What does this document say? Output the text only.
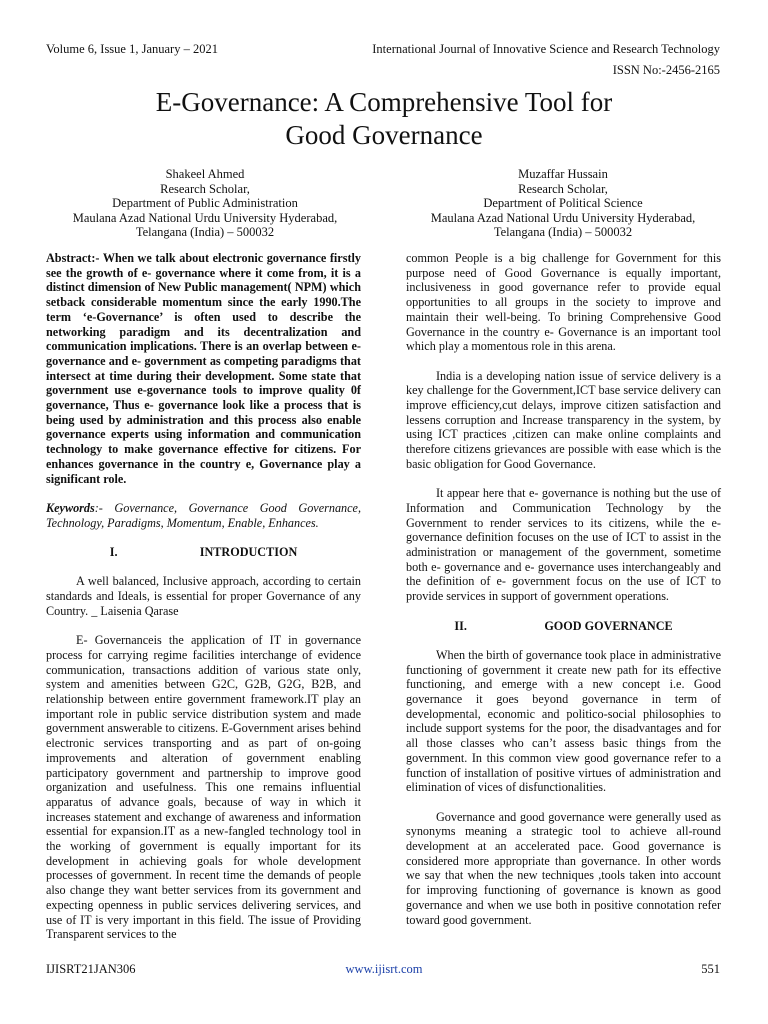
Volume 6, Issue 1, January – 2021	International Journal of Innovative Science and Research Technology
ISSN No:-2456-2165
E-Governance: A Comprehensive Tool for
Good Governance
Shakeel Ahmed
Research Scholar,
Department of Public Administration
Maulana Azad National Urdu University Hyderabad,
Telangana (India) – 500032
Muzaffar Hussain
Research Scholar,
Department of Political Science
Maulana Azad National Urdu University Hyderabad,
Telangana (India) – 500032

Abstract:- When we talk about electronic governance firstly see the growth of e- governance where it come from, it is a distinct dimension of New Public management( NPM) which setback considerable momentum since the early 1990.The term ‘e-Governance’ is often used to describe the networking paradigm and its decentralization and communication implications. There is an overlap between e- governance and e- government as competing paradigms that intersect at time during their development. Some state that government use e-governance tools to improve quality 0f governance, Thus e- governance look like a process that is being used by administration and this process also enable governance experts using information and communication technology to make governance effective for citizens. For enhances governance in the country e, Governance play a significant role.

Keywords:- Governance, Governance Good Governance, Technology, Paradigms, Momentum, Enable, Enhances.

I.	INTRODUCTION

A well balanced, Inclusive approach, according to certain standards and Ideals, is essential for proper Governance of any Country. _ Laisenia Qarase

E- Governanceis the application of IT in governance process for carrying regime facilities interchange of evidence communication, transactions addition of various state only, system and amenities between G2C, G2B, G2G, B2B, and relationship between entire government framework.IT play an important role in public service distribution system and made government answerable to citizens. E-Government arises behind electronic services transporting and as part of on-going improvements and alteration of government enabling participatory government and partnership to improve good organization and usefulness. This one remains influential apparatus of advance goals, because of way in which it increases statement and exchange of awareness and information essential for expansion.IT as a new-fangled technology tool in the working of government is equally important for its development in achieving goals for whole development processes of government. In recent time the demands of people also change they want better services from its government and expecting openness in public services delivering services, and use of IT is very important in this field. The issue of Providing Transparent services to the

common People is a big challenge for Government for this purpose need of Good Governance is equally important, inclusiveness in good governance refer to provide equal opportunities to all groups in the society to improve and maintain their well-being. To brining Comprehensive Good Governance in the country e- Governance is an important tool which play a momentous role in this arena.

India is a developing nation issue of service delivery is a key challenge for the Government,ICT base service delivery can improve efficiency,cut delays, improve citizen satisfaction and lessens corruption and Increase transparency in the system, by using ICT practices ,citizen can make online complaints and therefore citizens grievances are possible with ease which is the basic obligation for Good Governance.

It appear here that e- governance is nothing but the use of Information and Communication Technology by the Government to render services to its citizens, while the e-governance definition focuses on the use of ICT to assist in the administration or management of the government, sometime both e- governance and e- governance uses interchangeably and the definition of e- government focus on the use of ICT to provide services in support of government operations.

II.	GOOD GOVERNANCE

When the birth of governance took place in administrative functioning of government it create new path for its effective functioning, and emerge with a new concept i.e. Good governance it goes beyond governance in term of developmental, economic and politico-social philosophies to include support systems for the poor, the disadvantages and for all those classes who can’t assess basic things from the government. In this common view good governance refer to a function of installation of positive virtues of administration and elimination of vices of disfunctionalities.

Governance and good governance were generally used as synonyms meaning a strategic tool to achieve all-round development at an accelerated pace. Good governance is considered more appropriate than governance. In other words we say that when the new techniques ,tools taken into account for improving functioning of governance is known as good governance and when we use both in positive connotation refer toward good government.

IJISRT21JAN306	www.ijisrt.com	551
